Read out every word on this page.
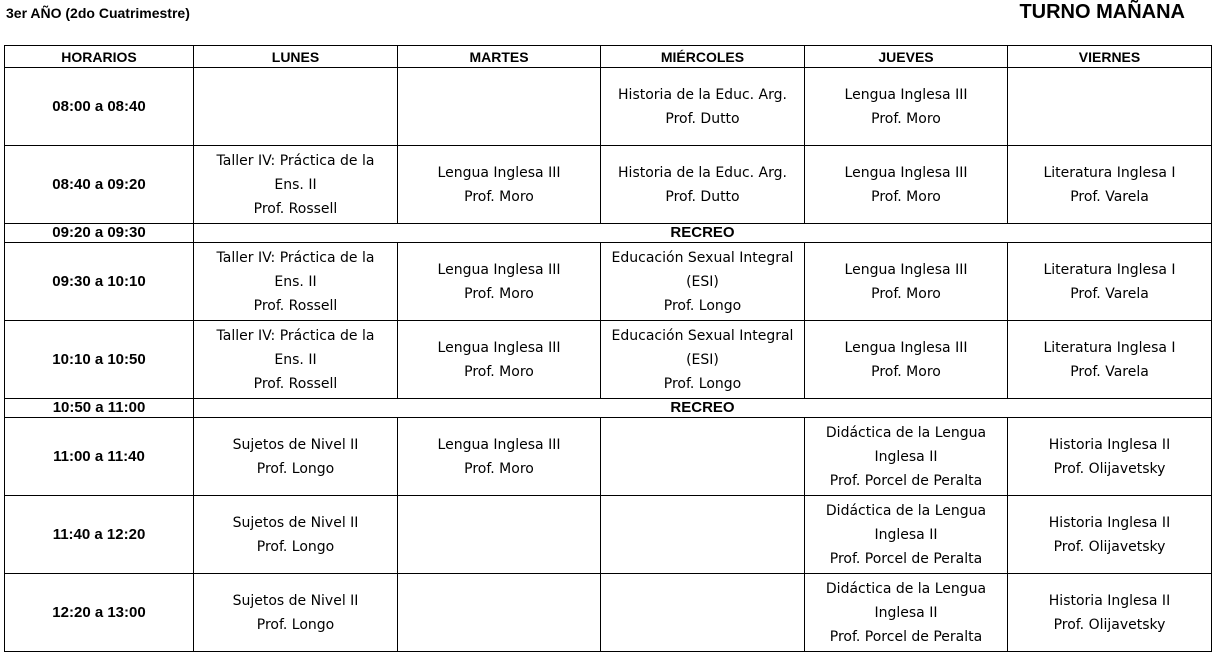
3er AÑO (2do Cuatrimestre)	TURNO MAÑANA
HORARIOS	LUNES	MARTES	MIÉRCOLES	JUEVES	VIERNES
08:00 a 08:40			Historia de la Educ. Arg.
Prof. Dutto	Lengua Inglesa III
Prof. Moro	

08:40 a 09:20	Taller IV: Práctica de la
Ens. II
Prof. Rossell	Lengua Inglesa III
Prof. Moro	Historia de la Educ. Arg.
Prof. Dutto	Lengua Inglesa III
Prof. Moro	Literatura Inglesa I
Prof. Varela

09:20 a 09:30	RECREO				
09:30 a 10:10	Taller IV: Práctica de la
Ens. II
Prof. Rossell	Lengua Inglesa III
Prof. Moro	Educación Sexual Integral
(ESI)
Prof. Longo	Lengua Inglesa III
Prof. Moro	Literatura Inglesa I
Prof. Varela

10:10 a 10:50	Taller IV: Práctica de la
Ens. II
Prof. Rossell	Lengua Inglesa III
Prof. Moro	Educación Sexual Integral
(ESI)
Prof. Longo	Lengua Inglesa III
Prof. Moro	Literatura Inglesa I
Prof. Varela

10:50 a 11:00	RECREO				
11:00 a 11:40	Sujetos de Nivel II
Prof. Longo	Lengua Inglesa III
Prof. Moro		Didáctica de la Lengua
Inglesa II
Prof. Porcel de Peralta	Historia Inglesa II
Prof. Olijavetsky

11:40 a 12:20	Sujetos de Nivel II
Prof. Longo			Didáctica de la Lengua
Inglesa II
Prof. Porcel de Peralta	Historia Inglesa II
Prof. Olijavetsky

12:20 a 13:00	Sujetos de Nivel II
Prof. Longo			Didáctica de la Lengua
Inglesa II
Prof. Porcel de Peralta	Historia Inglesa II
Prof. Olijavetsky
